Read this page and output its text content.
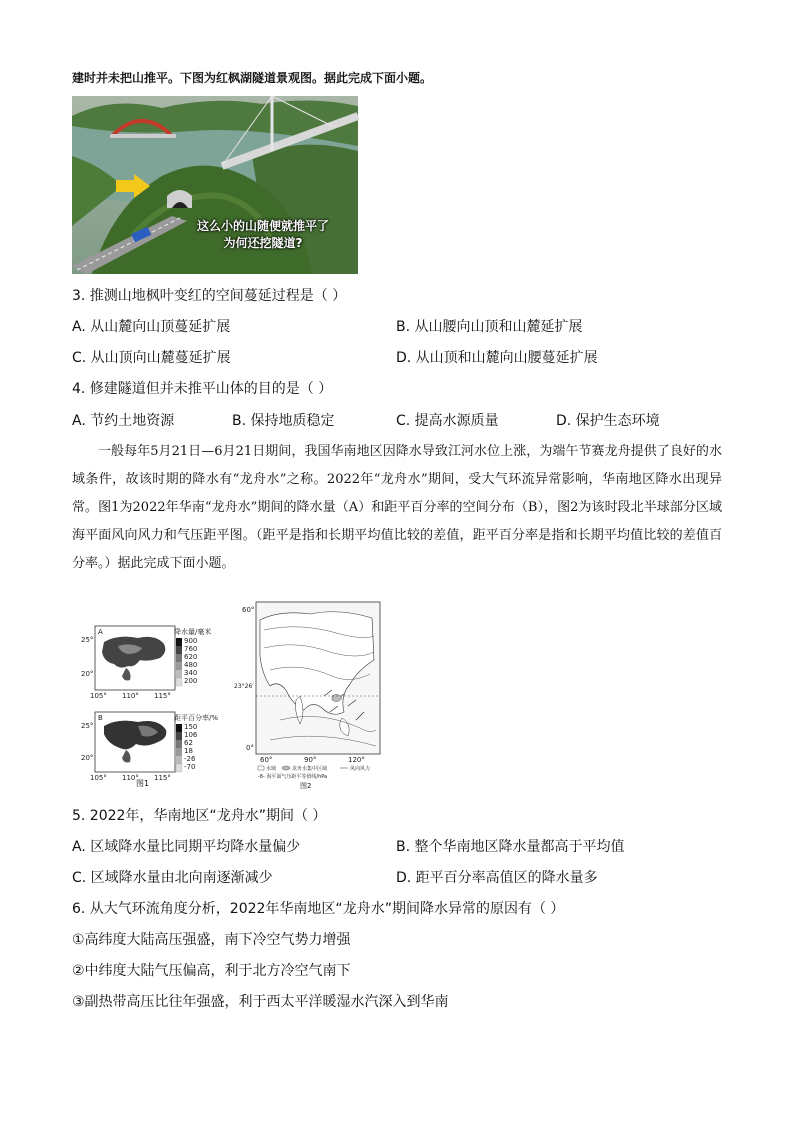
建时并未把山推平。下图为红枫湖隧道景观图。据此完成下面小题。
这么小的山随便就推平了
为何还挖隧道?
3. 推测山地枫叶变红的空间蔓延过程是（ ）
A. 从山麓向山顶蔓延扩展	B. 从山腰向山顶和山麓延扩展
C. 从山顶向山麓蔓延扩展	D. 从山顶和山麓向山腰蔓延扩展
4. 修建隧道但并未推平山体的目的是（ ）
A. 节约土地资源	B. 保持地质稳定	C. 提高水源质量	D. 保护生态环境
一般每年5月21日—6月21日期间，我国华南地区因降水导致江河水位上涨，为端午节赛龙舟提供了良好的水域条件，故该时期的降水有“龙舟水”之称。2022年“龙舟水”期间，受大气环流异常影响，华南地区降水出现异常。图1为2022年华南“龙舟水”期间的降水量（A）和距平百分率的空间分布（B），图2为该时段北半球部分区域海平面风向风力和气压距平图。（距平是指和长期平均值比较的差值，距平百分率是指和长期平均值比较的差值百分率。）据此完成下面小题。
A
25°
20°
105° 110° 115°
降水量/毫米
900
760
620
480
340
200
B
25°
20°
105° 110° 115°
距平百分率/%
150
106
62
18
-26
-70
图1
60°
23°26′
0°
60°	90°	120°
水域	龙舟水集中区域	风向风力
-8- 海平面气压距平等值线/hPa
图2
5. 2022年，华南地区“龙舟水”期间（ ）
A. 区域降水量比同期平均降水量偏少	B. 整个华南地区降水量都高于平均值
C. 区域降水量由北向南逐渐减少	D. 距平百分率高值区的降水量多
6. 从大气环流角度分析，2022年华南地区“龙舟水”期间降水异常的原因有（ ）
①高纬度大陆高压强盛，南下冷空气势力增强
②中纬度大陆气压偏高，利于北方冷空气南下
③副热带高压比往年强盛，利于西太平洋暖湿水汽深入到华南
